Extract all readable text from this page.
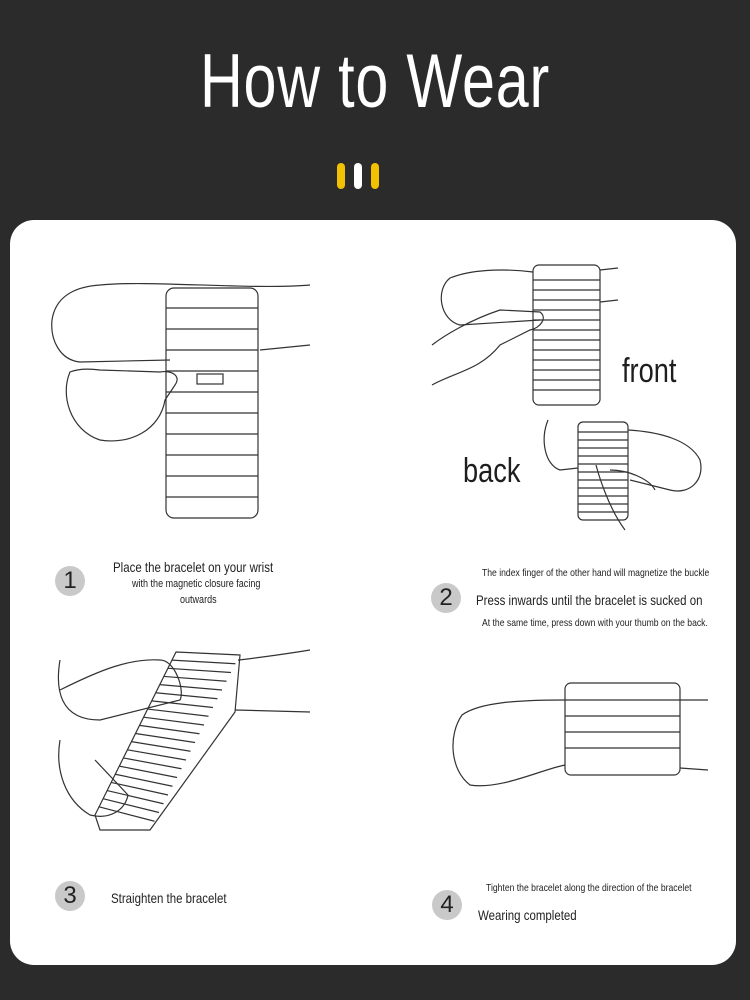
How to Wear
front
back
1	Place the bracelet on your wrist
with the magnetic closure facing
outwards
The index finger of the other hand will magnetize the buckle
2	Press inwards until the bracelet is sucked on
At the same time, press down with your thumb on the back.
3	Straighten the bracelet
Tighten the bracelet along the direction of the bracelet
4	Wearing completed
